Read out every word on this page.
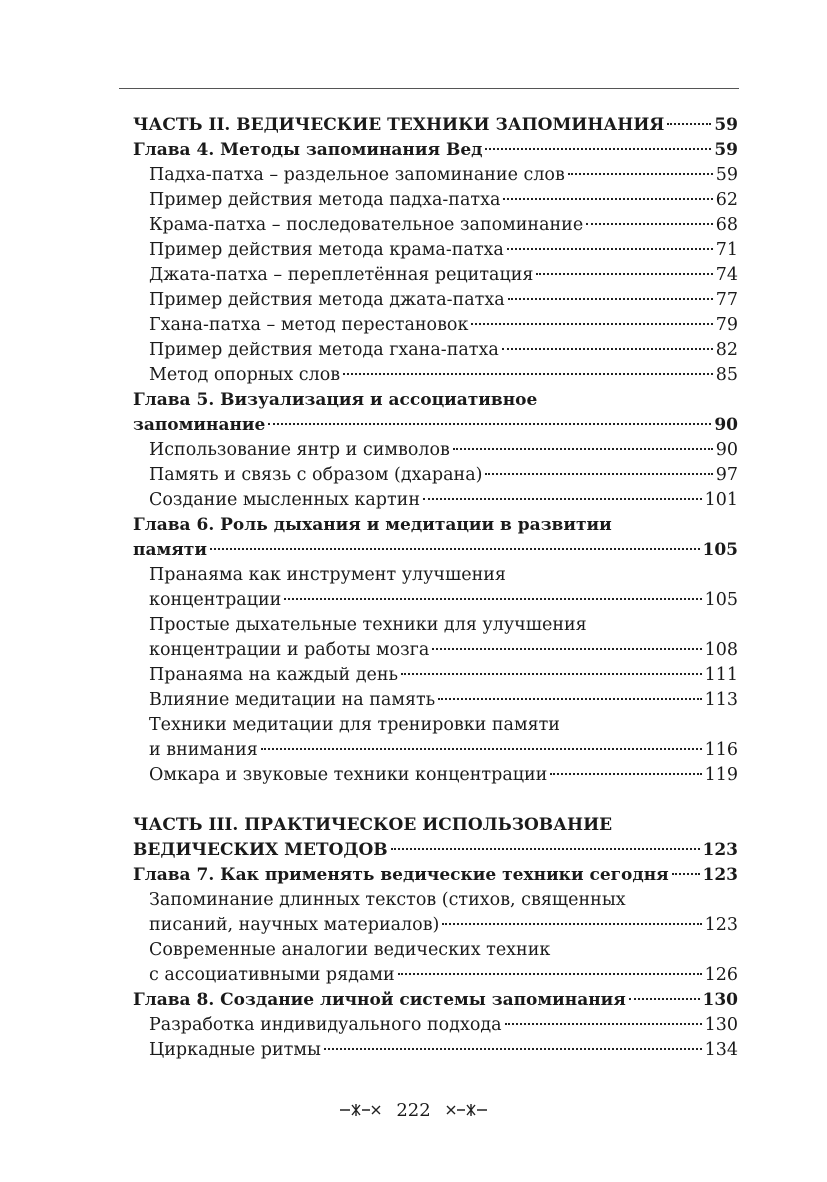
ЧАСТЬ II. ВЕДИЧЕСКИЕ ТЕХНИКИ ЗАПОМИНАНИЯ	59
Глава 4. Методы запоминания Вед	59
Падха-патха – раздельное запоминание слов	59
Пример действия метода падха-патха	62
Крама-патха – последовательное запоминание	68
Пример действия метода крама-патха	71
Джата-патха – переплетённая рецитация	74
Пример действия метода джата-патха	77
Гхана-патха – метод перестановок	79
Пример действия метода гхана-патха	82
Метод опорных слов	85
Глава 5. Визуализация и ассоциативное
запоминание	90
Использование янтр и символов	90
Память и связь с образом (дхарана)	97
Создание мысленных картин	101
Глава 6. Роль дыхания и медитации в развитии
памяти	105
Пранаяма как инструмент улучшения
концентрации	105
Простые дыхательные техники для улучшения
концентрации и работы мозга	108
Пранаяма на каждый день	111
Влияние медитации на память	113
Техники медитации для тренировки памяти
и внимания	116
Омкара и звуковые техники концентрации	119
ЧАСТЬ III. ПРАКТИЧЕСКОЕ ИСПОЛЬЗОВАНИЕ
ВЕДИЧЕСКИХ МЕТОДОВ	123
Глава 7. Как применять ведические техники сегодня 123
Запоминание длинных текстов (стихов, священных
писаний, научных материалов)	123
Современные аналогии ведических техник
с ассоциативными рядами	126
Глава 8. Создание личной системы запоминания	130
Разработка индивидуального подхода	130
Циркадные ритмы	134
222
